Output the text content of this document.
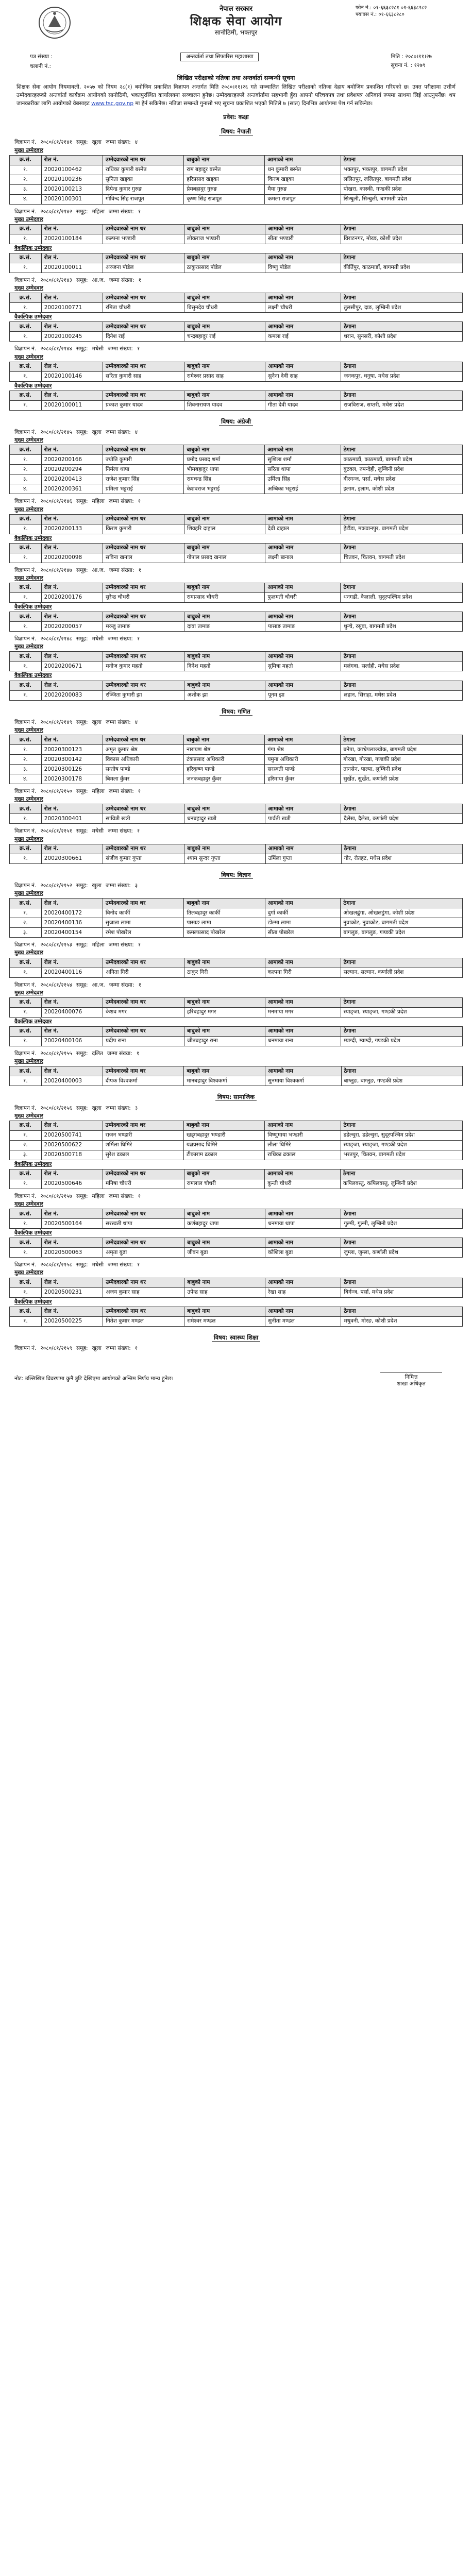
नेपाल सरकार
शिक्षक सेवा आयोग
सानोठिमी, भक्तपुर
फोन नं.: ०१-६६३८२८१ ०१-६६३८२८२
फ्याक्स नं.: ०१-६६३८२८०
पत्र संख्या :
चलानी नं.:
अन्तर्वार्ता तथा सिफारिस महाशाखा	मिति : २०८०।११।२७
सूचना नं. : १२७९
लिखित परीक्षाको नतिजा तथा अन्तर्वार्ता सम्बन्धी सूचना
शिक्षक सेवा आयोग नियमावली, २०५७ को नियम २८(१) बमोजिम प्रकाशित विज्ञापन अन्तर्गत मिति २०८०।११।२६ गते सञ्चालित लिखित परीक्षाको नतिजा देहाय बमोजिम प्रकाशित गरिएको छ। उक्त परीक्षामा उत्तीर्ण उम्मेदवारहरूको अन्तर्वार्ता कार्यक्रम आयोगको सानोठिमी, भक्तपुरस्थित कार्यालयमा सञ्चालन हुनेछ। उम्मेदवारहरूले अन्तर्वार्तामा सहभागी हुँदा आफ्नो परिचयपत्र तथा प्रवेशपत्र अनिवार्य रूपमा साथमा लिई आउनुपर्नेछ। थप जानकारीका लागि आयोगको वेबसाइट www.tsc.gov.np मा हेर्न सकिनेछ। नतिजा सम्बन्धी गुनासो भए सूचना प्रकाशित भएको मितिले ७ (सात) दिनभित्र आयोगमा पेश गर्न सकिनेछ।
प्रवेश: कक्षा
विषय: नेपाली
विज्ञापन नं. २०८०/८१/२१४१ समूह: खुला जम्मा संख्या: ४
मुख्य उम्मेदवार
क्र.सं.	रोल नं.	उम्मेदवारको नाम थर	बाबुको नाम	आमाको नाम	ठेगाना
१.	20020100462	राधिका कुमारी बस्नेत	राम बहादुर बस्नेत	धन कुमारी बस्नेत	भक्तपुर, भक्तपुर, बागमती प्रदेश
२.	20020100236	सुनिता खड्का	हरिप्रसाद खड्का	किरण खड्का	ललितपुर, ललितपुर, बागमती प्रदेश
३.	20020100213	दिपेन्द्र कुमार गुरुङ	प्रेमबहादुर गुरुङ	मैया गुरुङ	पोखरा, कास्की, गण्डकी प्रदेश
४.	20020100301	गोविन्द सिंह राजपूत	कृष्ण सिंह राजपूत	कमला राजपूत	सिन्धुली, सिन्धुली, बागमती प्रदेश
विज्ञापन नं. २०८०/८१/२१४२ समूह: महिला जम्मा संख्या: १
मुख्य उम्मेदवार
क्र.सं.	रोल नं.	उम्मेदवारको नाम थर	बाबुको नाम	आमाको नाम	ठेगाना
१.	20020100184	कल्पना भण्डारी	लोकराज भण्डारी	सीता भण्डारी	विराटनगर, मोरङ, कोशी प्रदेश
वैकल्पिक उम्मेदवार
क्र.सं.	रोल नं.	उम्मेदवारको नाम थर	बाबुको नाम	आमाको नाम	ठेगाना
१.	20020100011	अञ्जना पौडेल	ठाकुरप्रसाद पौडेल	विष्णु पौडेल	कीर्तिपुर, काठमाडौं, बागमती प्रदेश
विज्ञापन नं. २०८०/८१/२१४३ समूह: आ.ज. जम्मा संख्या: १
मुख्य उम्मेदवार
क्र.सं.	रोल नं.	उम्मेदवारको नाम थर	बाबुको नाम	आमाको नाम	ठेगाना
१.	20020100771	रमिता चौधरी	बिसुनदेव चौधरी	लक्ष्मी चौधरी	तुलसीपुर, दाङ, लुम्बिनी प्रदेश
वैकल्पिक उम्मेदवार
क्र.सं.	रोल नं.	उम्मेदवारको नाम थर	बाबुको नाम	आमाको नाम	ठेगाना
१.	20020100245	दिनेश राई	चन्द्रबहादुर राई	कमला राई	धरान, सुनसरी, कोशी प्रदेश
विज्ञापन नं. २०८०/८१/२१४४ समूह: मधेसी जम्मा संख्या: १
मुख्य उम्मेदवार
क्र.सं.	रोल नं.	उम्मेदवारको नाम थर	बाबुको नाम	आमाको नाम	ठेगाना
१.	20020100146	सरिता कुमारी साह	रामेश्वर प्रसाद साह	सुनैना देवी साह	जनकपुर, धनुषा, मधेस प्रदेश
वैकल्पिक उम्मेदवार
क्र.सं.	रोल नं.	उम्मेदवारको नाम थर	बाबुको नाम	आमाको नाम	ठेगाना
१.	20020100011	प्रकाश कुमार यादव	शिवनारायण यादव	गीता देवी यादव	राजविराज, सप्तरी, मधेस प्रदेश
विषय: अंग्रेजी
विज्ञापन नं. २०८०/८१/२१४५ समूह: खुला जम्मा संख्या: ४
मुख्य उम्मेदवार
क्र.सं.	रोल नं.	उम्मेदवारको नाम थर	बाबुको नाम	आमाको नाम	ठेगाना
१.	20020200166	ज्योति कुमारी	प्रमोद प्रसाद शर्मा	सुशिला शर्मा	काठमाडौं, काठमाडौं, बागमती प्रदेश
२.	20020200294	निर्मला थापा	भीमबहादुर थापा	सरिता थापा	बुटवल, रुपन्देही, लुम्बिनी प्रदेश
३.	20020200413	राजेश कुमार सिंह	रामचन्द्र सिंह	उर्मिला सिंह	वीरगन्ज, पर्सा, मधेस प्रदेश
४.	20020200361	प्रमिला भट्टराई	केशवराज भट्टराई	अम्बिका भट्टराई	इलाम, इलाम, कोशी प्रदेश
विज्ञापन नं. २०८०/८१/२१४६ समूह: महिला जम्मा संख्या: १
मुख्य उम्मेदवार
क्र.सं.	रोल नं.	उम्मेदवारको नाम थर	बाबुको नाम	आमाको नाम	ठेगाना
१.	20020200133	किरण कुमारी	शिवहरि दाहाल	देवी दाहाल	हेटौंडा, मकवानपुर, बागमती प्रदेश
वैकल्पिक उम्मेदवार
क्र.सं.	रोल नं.	उम्मेदवारको नाम थर	बाबुको नाम	आमाको नाम	ठेगाना
१.	20020200098	सविना खनाल	गोपाल प्रसाद खनाल	लक्ष्मी खनाल	चितवन, चितवन, बागमती प्रदेश
विज्ञापन नं. २०८०/८१/२१४७ समूह: आ.ज. जम्मा संख्या: १
मुख्य उम्मेदवार
क्र.सं.	रोल नं.	उम्मेदवारको नाम थर	बाबुको नाम	आमाको नाम	ठेगाना
१.	20020200176	सुरेन्द्र चौधरी	रामप्रसाद चौधरी	फुलमती चौधरी	धनगढी, कैलाली, सुदूरपश्चिम प्रदेश
वैकल्पिक उम्मेदवार
क्र.सं.	रोल नं.	उम्मेदवारको नाम थर	बाबुको नाम	आमाको नाम	ठेगाना
१.	20020200057	मञ्जु तामाङ	दावा तामाङ	पासाङ तामाङ	धुन्चे, रसुवा, बागमती प्रदेश
विज्ञापन नं. २०८०/८१/२१४८ समूह: मधेसी जम्मा संख्या: १
मुख्य उम्मेदवार
क्र.सं.	रोल नं.	उम्मेदवारको नाम थर	बाबुको नाम	आमाको नाम	ठेगाना
१.	20020200671	मनोज कुमार महतो	दिनेश महतो	सुमित्रा महतो	मलंगवा, सर्लाही, मधेस प्रदेश
वैकल्पिक उम्मेदवार
क्र.सं.	रोल नं.	उम्मेदवारको नाम थर	बाबुको नाम	आमाको नाम	ठेगाना
१.	20020200083	रञ्जिता कुमारी झा	अशोक झा	पूनम झा	लहान, सिराहा, मधेस प्रदेश
विषय: गणित
विज्ञापन नं. २०८०/८१/२१४९ समूह: खुला जम्मा संख्या: ४
मुख्य उम्मेदवार
क्र.सं.	रोल नं.	उम्मेदवारको नाम थर	बाबुको नाम	आमाको नाम	ठेगाना
१.	20020300123	अमृत कुमार श्रेष्ठ	नारायण श्रेष्ठ	गंगा श्रेष्ठ	बनेपा, काभ्रेपलाञ्चोक, बागमती प्रदेश
२.	20020300142	विकास अधिकारी	टंकप्रसाद अधिकारी	यमुना अधिकारी	गोरखा, गोरखा, गण्डकी प्रदेश
३.	20020300126	सन्तोष पाण्डे	हरिकृष्ण पाण्डे	सरस्वती पाण्डे	तानसेन, पाल्पा, लुम्बिनी प्रदेश
४.	20020300178	बिमला कुँवर	जनकबहादुर कुँवर	हरिमाया कुँवर	सुर्खेत, सुर्खेत, कर्णाली प्रदेश
विज्ञापन नं. २०८०/८१/२१५० समूह: महिला जम्मा संख्या: १
मुख्य उम्मेदवार
क्र.सं.	रोल नं.	उम्मेदवारको नाम थर	बाबुको नाम	आमाको नाम	ठेगाना
१.	20020300401	सावित्री खत्री	धनबहादुर खत्री	पार्वती खत्री	दैलेख, दैलेख, कर्णाली प्रदेश
विज्ञापन नं. २०८०/८१/२१५१ समूह: मधेसी जम्मा संख्या: १
मुख्य उम्मेदवार
क्र.सं.	रोल नं.	उम्मेदवारको नाम थर	बाबुको नाम	आमाको नाम	ठेगाना
१.	20020300661	संजीव कुमार गुप्ता	श्याम सुन्दर गुप्ता	उर्मिला गुप्ता	गौर, रौतहट, मधेस प्रदेश
विषय: विज्ञान
विज्ञापन नं. २०८०/८१/२१५२ समूह: खुला जम्मा संख्या: ३
मुख्य उम्मेदवार
क्र.सं.	रोल नं.	उम्मेदवारको नाम थर	बाबुको नाम	आमाको नाम	ठेगाना
१.	20020400172	विनोद कार्की	तिलबहादुर कार्की	दुर्गा कार्की	ओखलढुंगा, ओखलढुंगा, कोशी प्रदेश
२.	20020400136	सुजाता लामा	पासाङ लामा	डोल्मा लामा	नुवाकोट, नुवाकोट, बागमती प्रदेश
३.	20020400154	रमेश पोखरेल	कमलप्रसाद पोखरेल	सीता पोखरेल	बागलुङ, बागलुङ, गण्डकी प्रदेश
विज्ञापन नं. २०८०/८१/२१५३ समूह: महिला जम्मा संख्या: १
मुख्य उम्मेदवार
क्र.सं.	रोल नं.	उम्मेदवारको नाम थर	बाबुको नाम	आमाको नाम	ठेगाना
१.	20020400116	अनिता गिरी	ठाकुर गिरी	कल्पना गिरी	सल्यान, सल्यान, कर्णाली प्रदेश
विज्ञापन नं. २०८०/८१/२१५४ समूह: आ.ज. जम्मा संख्या: १
मुख्य उम्मेदवार
क्र.सं.	रोल नं.	उम्मेदवारको नाम थर	बाबुको नाम	आमाको नाम	ठेगाना
१.	20020400076	केशव मगर	हरिबहादुर मगर	मनमाया मगर	स्याङ्जा, स्याङ्जा, गण्डकी प्रदेश
वैकल्पिक उम्मेदवार
क्र.सं.	रोल नं.	उम्मेदवारको नाम थर	बाबुको नाम	आमाको नाम	ठेगाना
१.	20020400106	प्रदीप राना	जीतबहादुर राना	धनमाया राना	म्याग्दी, म्याग्दी, गण्डकी प्रदेश
विज्ञापन नं. २०८०/८१/२१५५ समूह: दलित जम्मा संख्या: १
मुख्य उम्मेदवार
क्र.सं.	रोल नं.	उम्मेदवारको नाम थर	बाबुको नाम	आमाको नाम	ठेगाना
१.	20020400003	दीपक विश्वकर्मा	मानबहादुर विश्वकर्मा	सुनमाया विश्वकर्मा	बाग्लुङ, बाग्लुङ, गण्डकी प्रदेश
विषय: सामाजिक
विज्ञापन नं. २०८०/८१/२१५६ समूह: खुला जम्मा संख्या: ३
मुख्य उम्मेदवार
क्र.सं.	रोल नं.	उम्मेदवारको नाम थर	बाबुको नाम	आमाको नाम	ठेगाना
१.	20020500741	राजन भण्डारी	खड्गबहादुर भण्डारी	विष्णुमाया भण्डारी	डडेल्धुरा, डडेल्धुरा, सुदूरपश्चिम प्रदेश
२.	20020500622	शर्मिला घिमिरे	यज्ञप्रसाद घिमिरे	लीला घिमिरे	स्याङ्जा, स्याङ्जा, गण्डकी प्रदेश
३.	20020500718	सुरेश ढकाल	टीकाराम ढकाल	राधिका ढकाल	भरतपुर, चितवन, बागमती प्रदेश
वैकल्पिक उम्मेदवार
क्र.सं.	रोल नं.	उम्मेदवारको नाम थर	बाबुको नाम	आमाको नाम	ठेगाना
१.	20020500646	मनिषा चौधरी	रामलाल चौधरी	कुन्ती चौधरी	कपिलवस्तु, कपिलवस्तु, लुम्बिनी प्रदेश
विज्ञापन नं. २०८०/८१/२१५७ समूह: महिला जम्मा संख्या: १
मुख्य उम्मेदवार
क्र.सं.	रोल नं.	उम्मेदवारको नाम थर	बाबुको नाम	आमाको नाम	ठेगाना
१.	20020500164	सरस्वती थापा	कर्णबहादुर थापा	धनमाया थापा	गुल्मी, गुल्मी, लुम्बिनी प्रदेश
वैकल्पिक उम्मेदवार
क्र.सं.	रोल नं.	उम्मेदवारको नाम थर	बाबुको नाम	आमाको नाम	ठेगाना
१.	20020500063	अमृता बुढा	जीवन बुढा	कौशिला बुढा	जुम्ला, जुम्ला, कर्णाली प्रदेश
विज्ञापन नं. २०८०/८१/२१५८ समूह: मधेसी जम्मा संख्या: १
मुख्य उम्मेदवार
क्र.सं.	रोल नं.	उम्मेदवारको नाम थर	बाबुको नाम	आमाको नाम	ठेगाना
१.	20020500231	अजय कुमार साह	उपेन्द्र साह	रेखा साह	बिर्गन्ज, पर्सा, मधेस प्रदेश
वैकल्पिक उम्मेदवार
क्र.सं.	रोल नं.	उम्मेदवारको नाम थर	बाबुको नाम	आमाको नाम	ठेगाना
१.	20020500225	नितेश कुमार मण्डल	रामेश्वर मण्डल	सुनीता मण्डल	मधुवनी, मोरङ, कोशी प्रदेश
विषय: स्वास्थ्य शिक्षा
विज्ञापन नं. २०८०/८१/२१५९ समूह: खुला जम्मा संख्या: १
नोट: उल्लिखित विवरणमा कुनै त्रुटि देखिएमा आयोगको अन्तिम निर्णय मान्य हुनेछ।	निमित्त
शाखा अधिकृत
